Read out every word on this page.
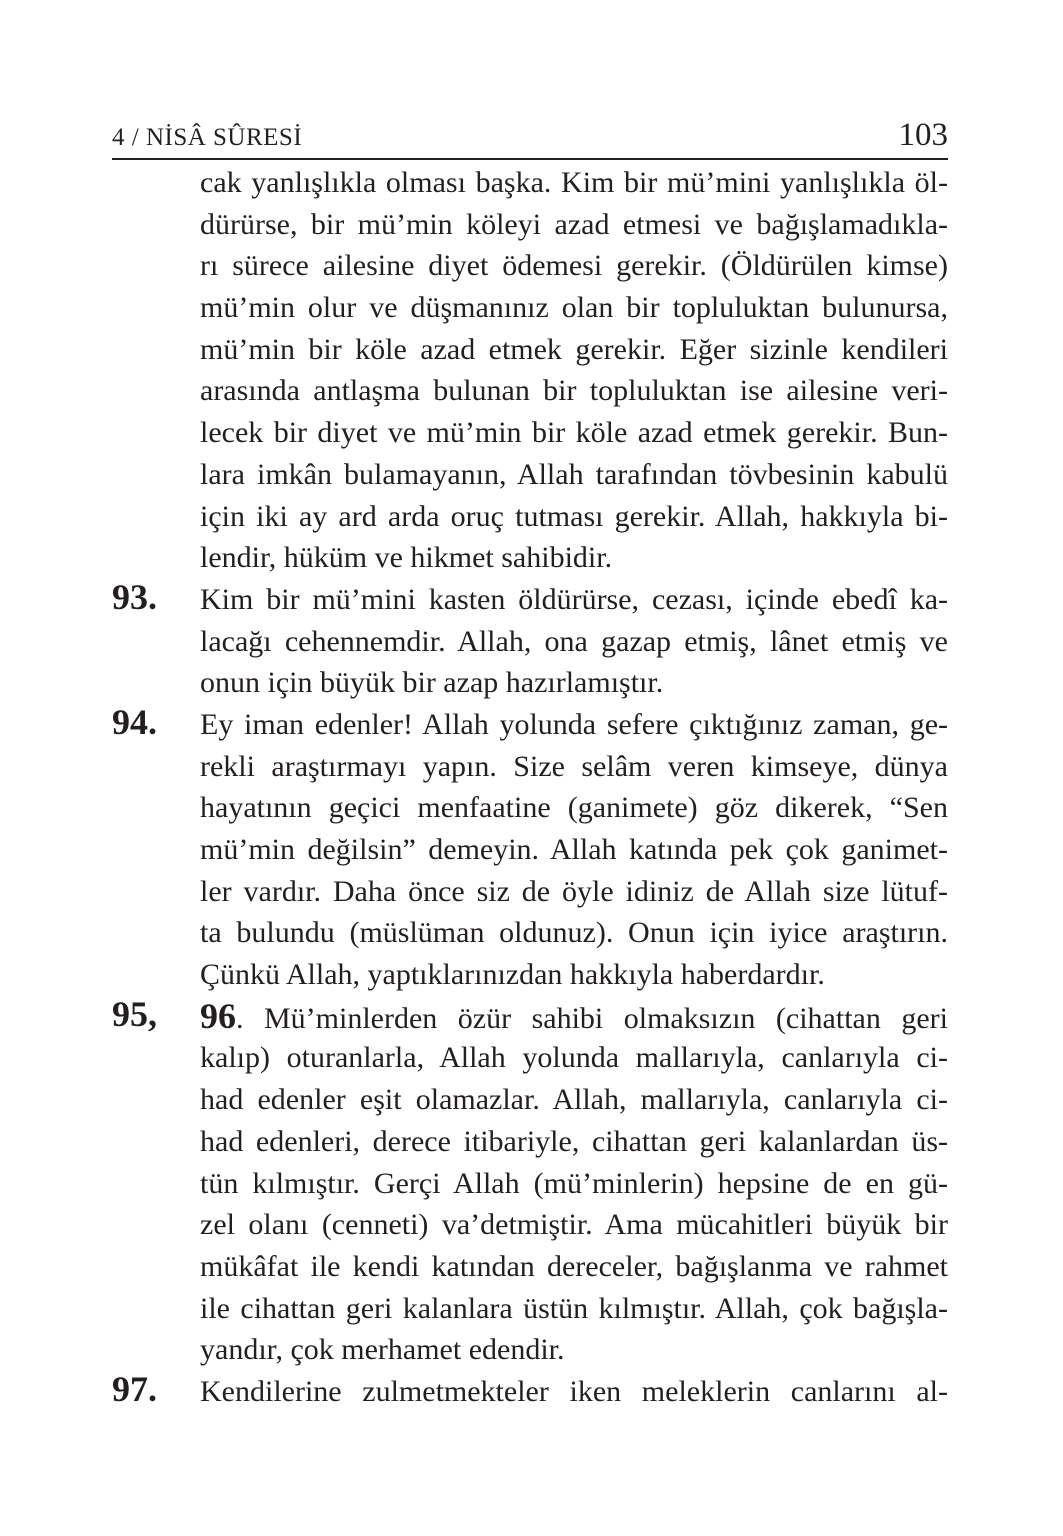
4 / NİSÂ SÛRESİ	103
cak yanlışlıkla olması başka. Kim bir mü’mini yanlışlıkla öl-
dürürse, bir mü’min köleyi azad etmesi ve bağışlamadıkla-
rı sürece ailesine diyet ödemesi gerekir. (Öldürülen kimse)
mü’min olur ve düşmanınız olan bir topluluktan bulunursa,
mü’min bir köle azad etmek gerekir. Eğer sizinle kendileri
arasında antlaşma bulunan bir topluluktan ise ailesine veri-
lecek bir diyet ve mü’min bir köle azad etmek gerekir. Bun-
lara imkân bulamayanın, Allah tarafından tövbesinin kabulü
için iki ay ard arda oruç tutması gerekir. Allah, hakkıyla bi-
lendir, hüküm ve hikmet sahibidir.
93. Kim bir mü’mini kasten öldürürse, cezası, içinde ebedî ka-
lacağı cehennemdir. Allah, ona gazap etmiş, lânet etmiş ve
onun için büyük bir azap hazırlamıştır.
94. Ey iman edenler! Allah yolunda sefere çıktığınız zaman, ge-
rekli araştırmayı yapın. Size selâm veren kimseye, dünya
hayatının geçici menfaatine (ganimete) göz dikerek, “Sen
mü’min değilsin” demeyin. Allah katında pek çok ganimet-
ler vardır. Daha önce siz de öyle idiniz de Allah size lütuf-
ta bulundu (müslüman oldunuz). Onun için iyice araştırın.
Çünkü Allah, yaptıklarınızdan hakkıyla haberdardır.
95, 96. Mü’minlerden özür sahibi olmaksızın (cihattan geri
kalıp) oturanlarla, Allah yolunda mallarıyla, canlarıyla ci-
had edenler eşit olamazlar. Allah, mallarıyla, canlarıyla ci-
had edenleri, derece itibariyle, cihattan geri kalanlardan üs-
tün kılmıştır. Gerçi Allah (mü’minlerin) hepsine de en gü-
zel olanı (cenneti) va’detmiştir. Ama mücahitleri büyük bir
mükâfat ile kendi katından dereceler, bağışlanma ve rahmet
ile cihattan geri kalanlara üstün kılmıştır. Allah, çok bağışla-
yandır, çok merhamet edendir.
97. Kendilerine zulmetmekteler iken meleklerin canlarını al-
